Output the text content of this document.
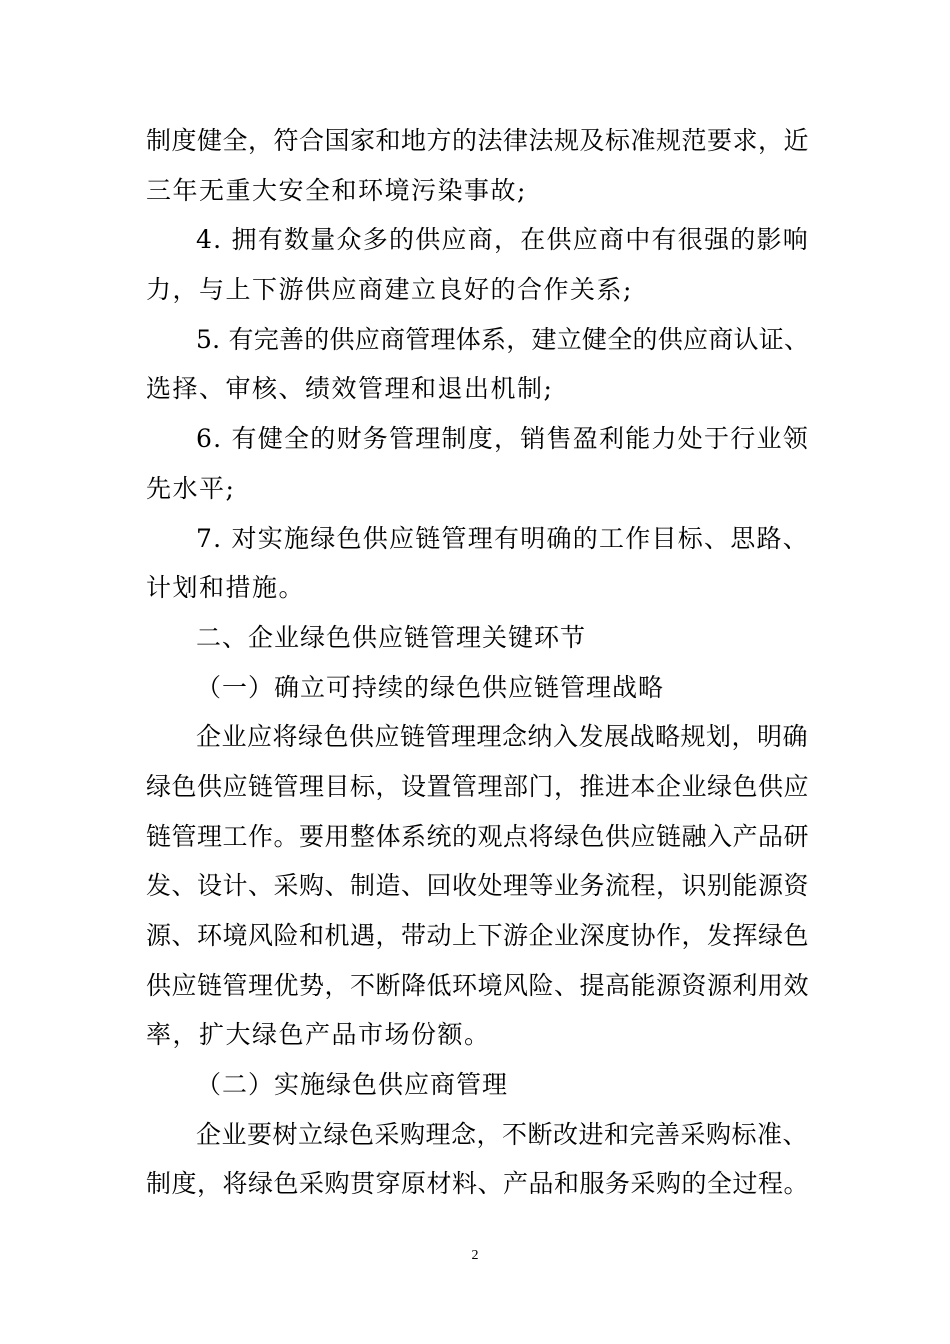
制度健全，符合国家和地方的法律法规及标准规范要求，近
三年无重大安全和环境污染事故;
4. 拥有数量众多的供应商，在供应商中有很强的影响
力，与上下游供应商建立良好的合作关系;
5. 有完善的供应商管理体系，建立健全的供应商认证、
选择、审核、绩效管理和退出机制;
6. 有健全的财务管理制度，销售盈利能力处于行业领
先水平;
7. 对实施绿色供应链管理有明确的工作目标、思路、
计划和措施。
二、企业绿色供应链管理关键环节
（一）确立可持续的绿色供应链管理战略
企业应将绿色供应链管理理念纳入发展战略规划，明确
绿色供应链管理目标，设置管理部门，推进本企业绿色供应
链管理工作。要用整体系统的观点将绿色供应链融入产品研
发、设计、采购、制造、回收处理等业务流程，识别能源资
源、环境风险和机遇，带动上下游企业深度协作，发挥绿色
供应链管理优势，不断降低环境风险、提高能源资源利用效
率，扩大绿色产品市场份额。
（二）实施绿色供应商管理
企业要树立绿色采购理念，不断改进和完善采购标准、
制度，将绿色采购贯穿原材料、产品和服务采购的全过程。
2
